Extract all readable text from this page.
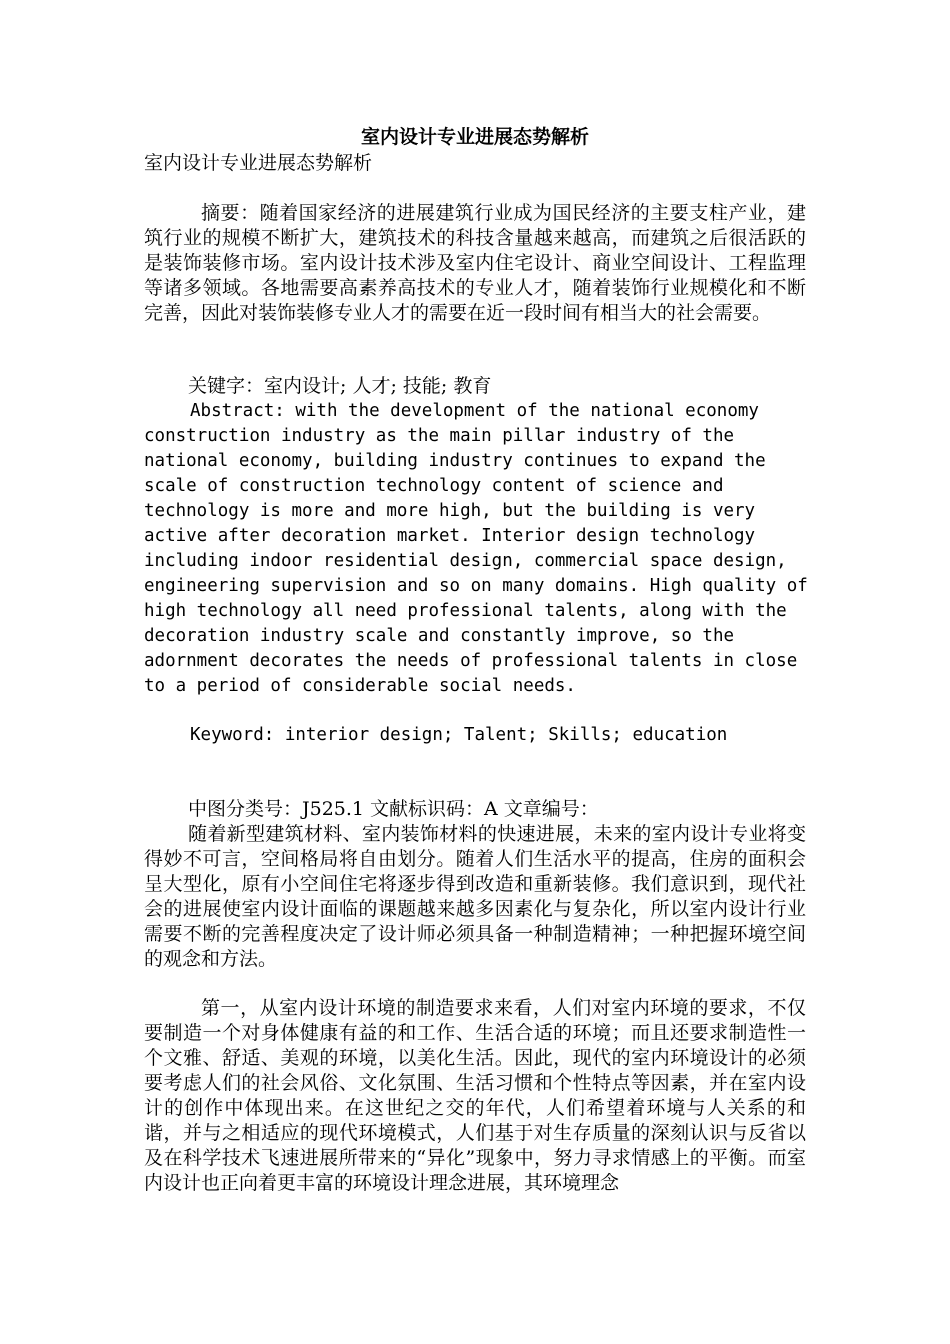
室内设计专业进展态势解析
室内设计专业进展态势解析
摘要：随着国家经济的进展建筑行业成为国民经济的主要支柱产业，建筑行业的规模不断扩大，建筑技术的科技含量越来越高，而建筑之后很活跃的是装饰装修市场。室内设计技术涉及室内住宅设计、商业空间设计、工程监理等诸多领域。各地需要高素养高技术的专业人才，随着装饰行业规模化和不断完善，因此对装饰装修专业人才的需要在近一段时间有相当大的社会需要。
关键字：室内设计; 人才; 技能; 教育
Abstract: with the development of the national economy construction industry as the main pillar industry of the national economy, building industry continues to expand the scale of construction technology content of science and technology is more and more high, but the building is very active after decoration market. Interior design technology including indoor residential design, commercial space design, engineering supervision and so on many domains. High quality of high technology all need professional talents, along with the decoration industry scale and constantly improve, so the adornment decorates the needs of professional talents in close to a period of considerable social needs.
Keyword: interior design; Talent; Skills; education
中图分类号：J525.1 文献标识码：A 文章编号：
随着新型建筑材料、室内装饰材料的快速进展，未来的室内设计专业将变得妙不可言，空间格局将自由划分。随着人们生活水平的提高，住房的面积会呈大型化，原有小空间住宅将逐步得到改造和重新装修。我们意识到，现代社会的进展使室内设计面临的课题越来越多因素化与复杂化，所以室内设计行业需要不断的完善程度决定了设计师必须具备一种制造精神；一种把握环境空间的观念和方法。
第一，从室内设计环境的制造要求来看，人们对室内环境的要求，不仅要制造一个对身体健康有益的和工作、生活合适的环境；而且还要求制造性一个文雅、舒适、美观的环境，以美化生活。因此，现代的室内环境设计的必须要考虑人们的社会风俗、文化氛围、生活习惯和个性特点等因素，并在室内设计的创作中体现出来。在这世纪之交的年代，人们希望着环境与人关系的和谐，并与之相适应的现代环境模式，人们基于对生存质量的深刻认识与反省以及在科学技术飞速进展所带来的“异化”现象中，努力寻求情感上的平衡。而室内设计也正向着更丰富的环境设计理念进展，其环境理念
